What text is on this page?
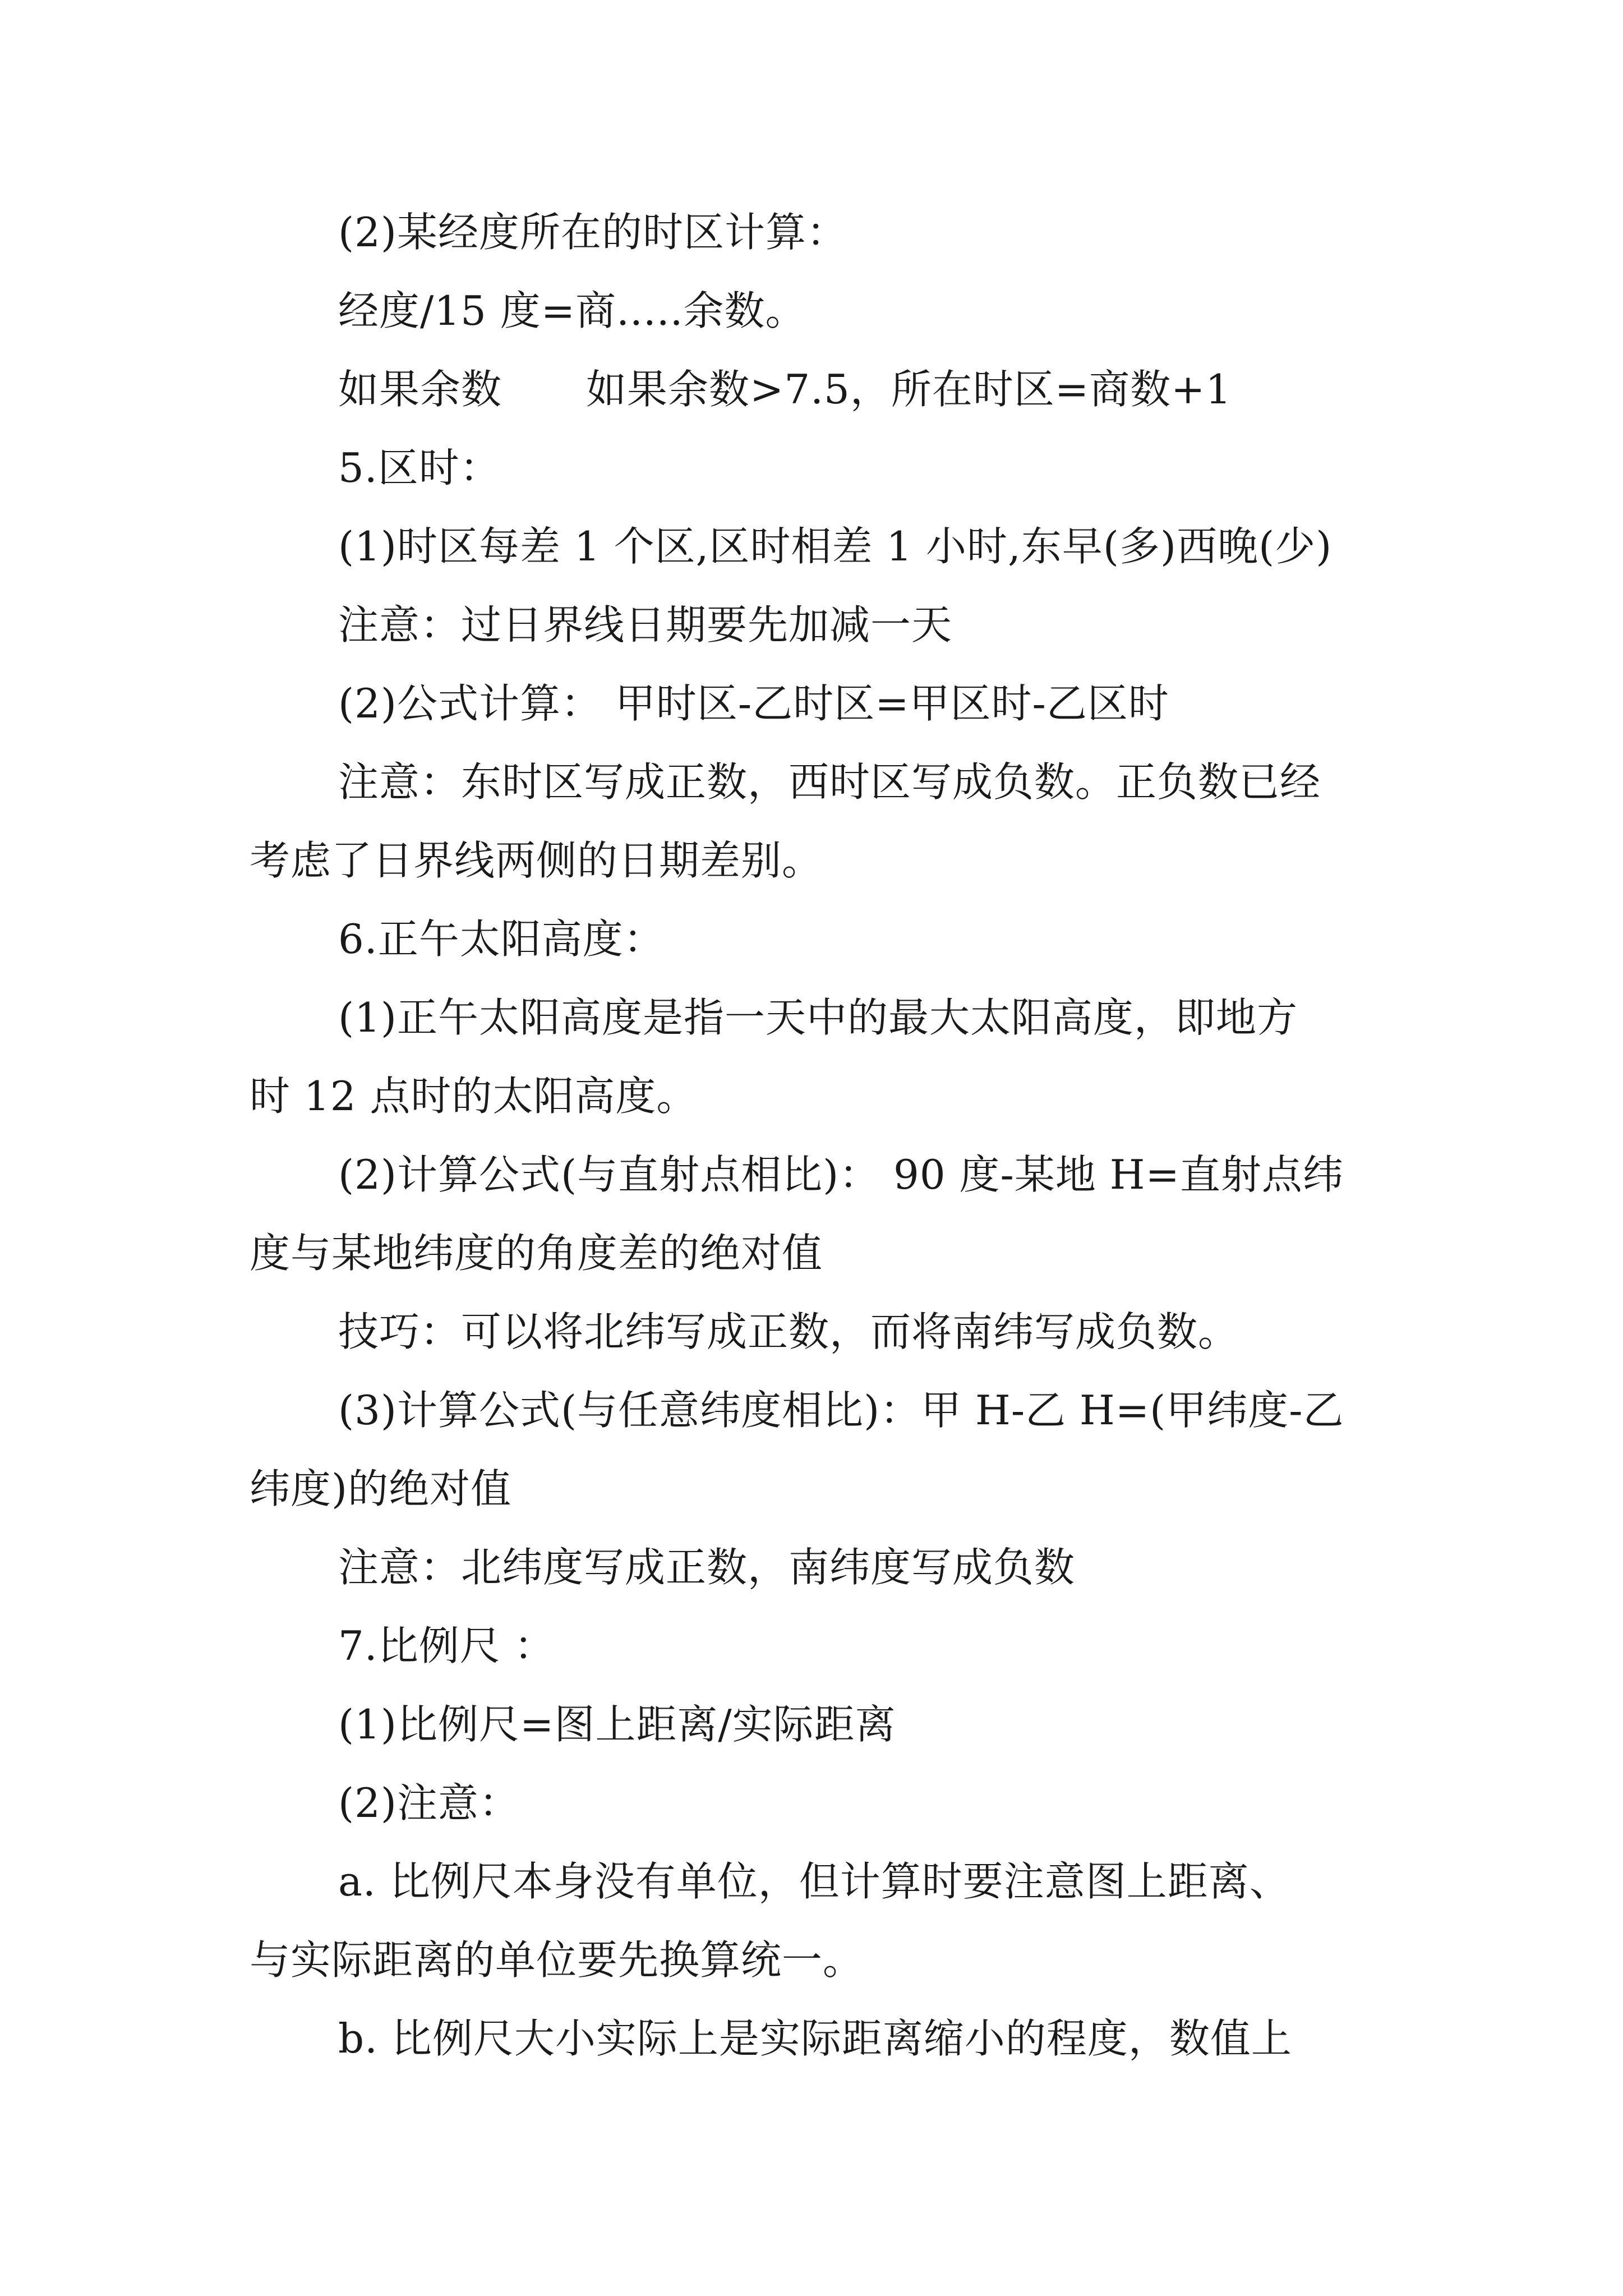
(2)某经度所在的时区计算：
经度/15 度=商.....余数。
如果余数 如果余数>7.5，所在时区=商数+1
5.区时：
(1)时区每差 1 个区,区时相差 1 小时,东早(多)西晚(少)
注意：过日界线日期要先加减一天
(2)公式计算： 甲时区-乙时区=甲区时-乙区时
注意：东时区写成正数，西时区写成负数。正负数已经
考虑了日界线两侧的日期差别。
6.正午太阳高度：
(1)正午太阳高度是指一天中的最大太阳高度，即地方
时 12 点时的太阳高度。
(2)计算公式(与直射点相比)： 90 度-某地 H=直射点纬
度与某地纬度的角度差的绝对值
技巧：可以将北纬写成正数，而将南纬写成负数。
(3)计算公式(与任意纬度相比)：甲 H-乙 H=(甲纬度-乙
纬度)的绝对值
注意：北纬度写成正数，南纬度写成负数
7.比例尺 ：
(1)比例尺=图上距离/实际距离
(2)注意：
a. 比例尺本身没有单位，但计算时要注意图上距离、
与实际距离的单位要先换算统一。
b. 比例尺大小实际上是实际距离缩小的程度，数值上
